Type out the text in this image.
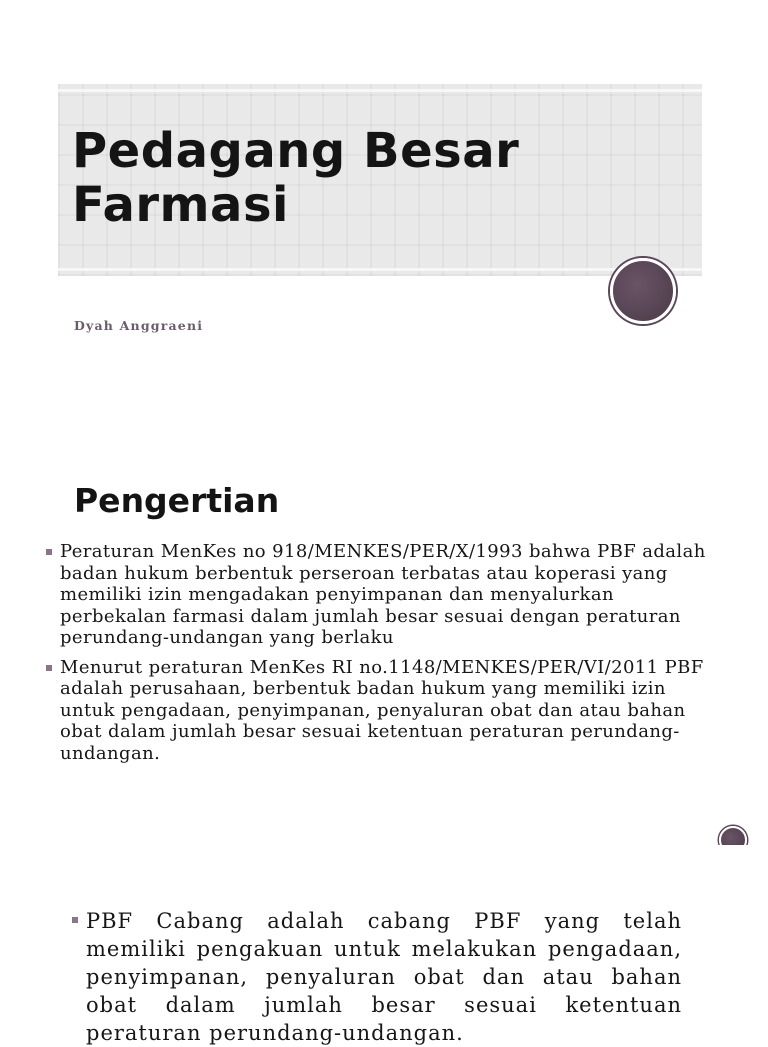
Pedagang Besar Farmasi
Dyah Anggraeni
Pengertian
Peraturan MenKes no 918/MENKES/PER/X/1993 bahwa PBF adalah badan hukum berbentuk perseroan terbatas atau koperasi yang memiliki izin mengadakan penyimpanan dan menyalurkan perbekalan farmasi dalam jumlah besar sesuai dengan peraturan perundang-undangan yang berlaku
Menurut peraturan MenKes RI no.1148/MENKES/PER/VI/2011 PBF adalah perusahaan, berbentuk badan hukum yang memiliki izin untuk pengadaan, penyimpanan, penyaluran obat dan atau bahan obat dalam jumlah besar sesuai ketentuan peraturan perundang-undangan.
PBF Cabang adalah cabang PBF yang telah memiliki pengakuan untuk melakukan pengadaan, penyimpanan, penyaluran obat dan atau bahan obat dalam jumlah besar sesuai ketentuan peraturan perundang-undangan.
